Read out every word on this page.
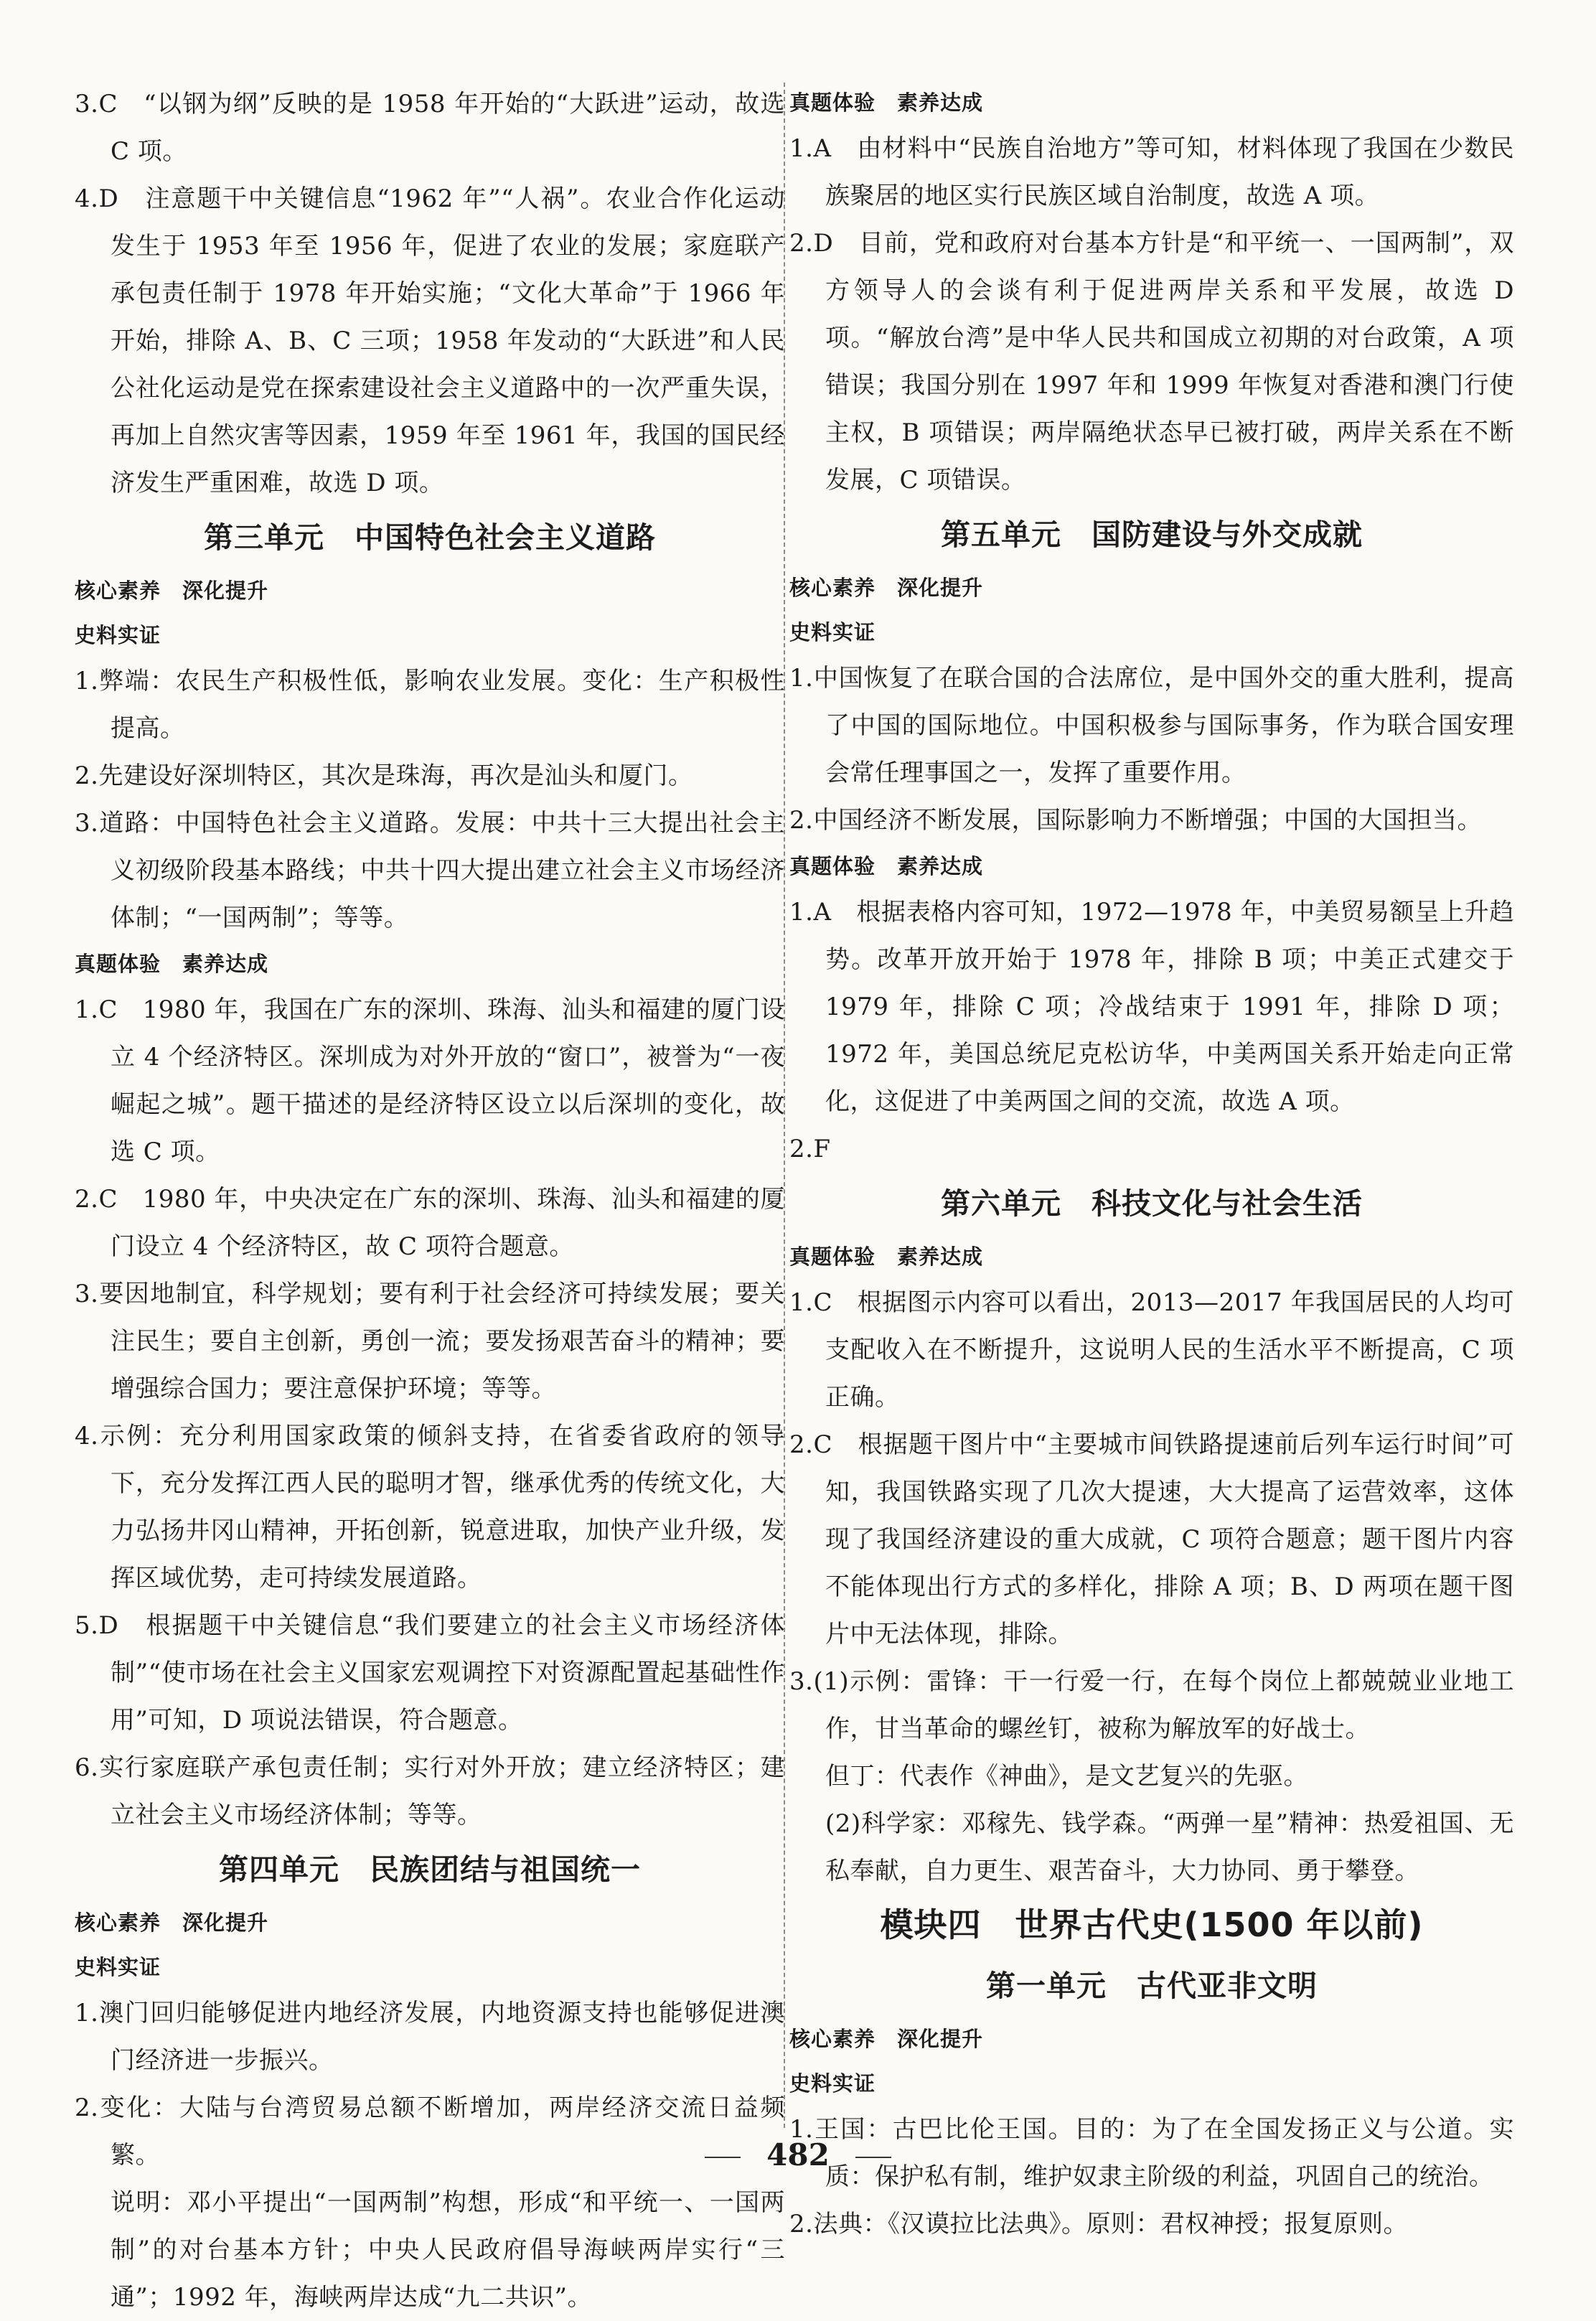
3.C　“以钢为纲”反映的是 1958 年开始的“大跃进”运动，故选 C 项。

4.D　注意题干中关键信息“1962 年”“人祸”。农业合作化运动发生于 1953 年至 1956 年，促进了农业的发展；家庭联产承包责任制于 1978 年开始实施；“文化大革命”于 1966 年开始，排除 A、B、C 三项；1958 年发动的“大跃进”和人民公社化运动是党在探索建设社会主义道路中的一次严重失误，再加上自然灾害等因素，1959 年至 1961 年，我国的国民经济发生严重困难，故选 D 项。

第三单元　中国特色社会主义道路

核心素养　深化提升

史料实证

1.弊端：农民生产积极性低，影响农业发展。变化：生产积极性提高。

2.先建设好深圳特区，其次是珠海，再次是汕头和厦门。

3.道路：中国特色社会主义道路。发展：中共十三大提出社会主义初级阶段基本路线；中共十四大提出建立社会主义市场经济体制；“一国两制”；等等。

真题体验　素养达成

1.C　1980 年，我国在广东的深圳、珠海、汕头和福建的厦门设立 4 个经济特区。深圳成为对外开放的“窗口”，被誉为“一夜崛起之城”。题干描述的是经济特区设立以后深圳的变化，故选 C 项。

2.C　1980 年，中央决定在广东的深圳、珠海、汕头和福建的厦门设立 4 个经济特区，故 C 项符合题意。

3.要因地制宜，科学规划；要有利于社会经济可持续发展；要关注民生；要自主创新，勇创一流；要发扬艰苦奋斗的精神；要增强综合国力；要注意保护环境；等等。

4.示例：充分利用国家政策的倾斜支持，在省委省政府的领导下，充分发挥江西人民的聪明才智，继承优秀的传统文化，大力弘扬井冈山精神，开拓创新，锐意进取，加快产业升级，发挥区域优势，走可持续发展道路。

5.D　根据题干中关键信息“我们要建立的社会主义市场经济体制”“使市场在社会主义国家宏观调控下对资源配置起基础性作用”可知，D 项说法错误，符合题意。

6.实行家庭联产承包责任制；实行对外开放；建立经济特区；建立社会主义市场经济体制；等等。

第四单元　民族团结与祖国统一

核心素养　深化提升

史料实证

1.澳门回归能够促进内地经济发展，内地资源支持也能够促进澳门经济进一步振兴。

2.变化：大陆与台湾贸易总额不断增加，两岸经济交流日益频繁。

说明：邓小平提出“一国两制”构想，形成“和平统一、一国两制”的对台基本方针；中央人民政府倡导海峡两岸实行“三通”；1992 年，海峡两岸达成“九二共识”。

真题体验　素养达成

1.A　由材料中“民族自治地方”等可知，材料体现了我国在少数民族聚居的地区实行民族区域自治制度，故选 A 项。

2.D　目前，党和政府对台基本方针是“和平统一、一国两制”，双方领导人的会谈有利于促进两岸关系和平发展，故选 D 项。“解放台湾”是中华人民共和国成立初期的对台政策，A 项错误；我国分别在 1997 年和 1999 年恢复对香港和澳门行使主权，B 项错误；两岸隔绝状态早已被打破，两岸关系在不断发展，C 项错误。

第五单元　国防建设与外交成就

核心素养　深化提升

史料实证

1.中国恢复了在联合国的合法席位，是中国外交的重大胜利，提高了中国的国际地位。中国积极参与国际事务，作为联合国安理会常任理事国之一，发挥了重要作用。

2.中国经济不断发展，国际影响力不断增强；中国的大国担当。

真题体验　素养达成

1.A　根据表格内容可知，1972—1978 年，中美贸易额呈上升趋势。改革开放开始于 1978 年，排除 B 项；中美正式建交于 1979 年，排除 C 项；冷战结束于 1991 年，排除 D 项；1972 年，美国总统尼克松访华，中美两国关系开始走向正常化，这促进了中美两国之间的交流，故选 A 项。

2.F

第六单元　科技文化与社会生活

真题体验　素养达成

1.C　根据图示内容可以看出，2013—2017 年我国居民的人均可支配收入在不断提升，这说明人民的生活水平不断提高，C 项正确。

2.C　根据题干图片中“主要城市间铁路提速前后列车运行时间”可知，我国铁路实现了几次大提速，大大提高了运营效率，这体现了我国经济建设的重大成就，C 项符合题意；题干图片内容不能体现出行方式的多样化，排除 A 项；B、D 两项在题干图片中无法体现，排除。

3.(1)示例：雷锋：干一行爱一行，在每个岗位上都兢兢业业地工作，甘当革命的螺丝钉，被称为解放军的好战士。

但丁：代表作《神曲》，是文艺复兴的先驱。

(2)科学家：邓稼先、钱学森。“两弹一星”精神：热爱祖国、无私奉献，自力更生、艰苦奋斗，大力协同、勇于攀登。

模块四　世界古代史(1500 年以前)
第一单元　古代亚非文明

核心素养　深化提升

史料实证

1.王国：古巴比伦王国。目的：为了在全国发扬正义与公道。实质：保护私有制，维护奴隶主阶级的利益，巩固自己的统治。

2.法典：《汉谟拉比法典》。原则：君权神授；报复原则。

482
